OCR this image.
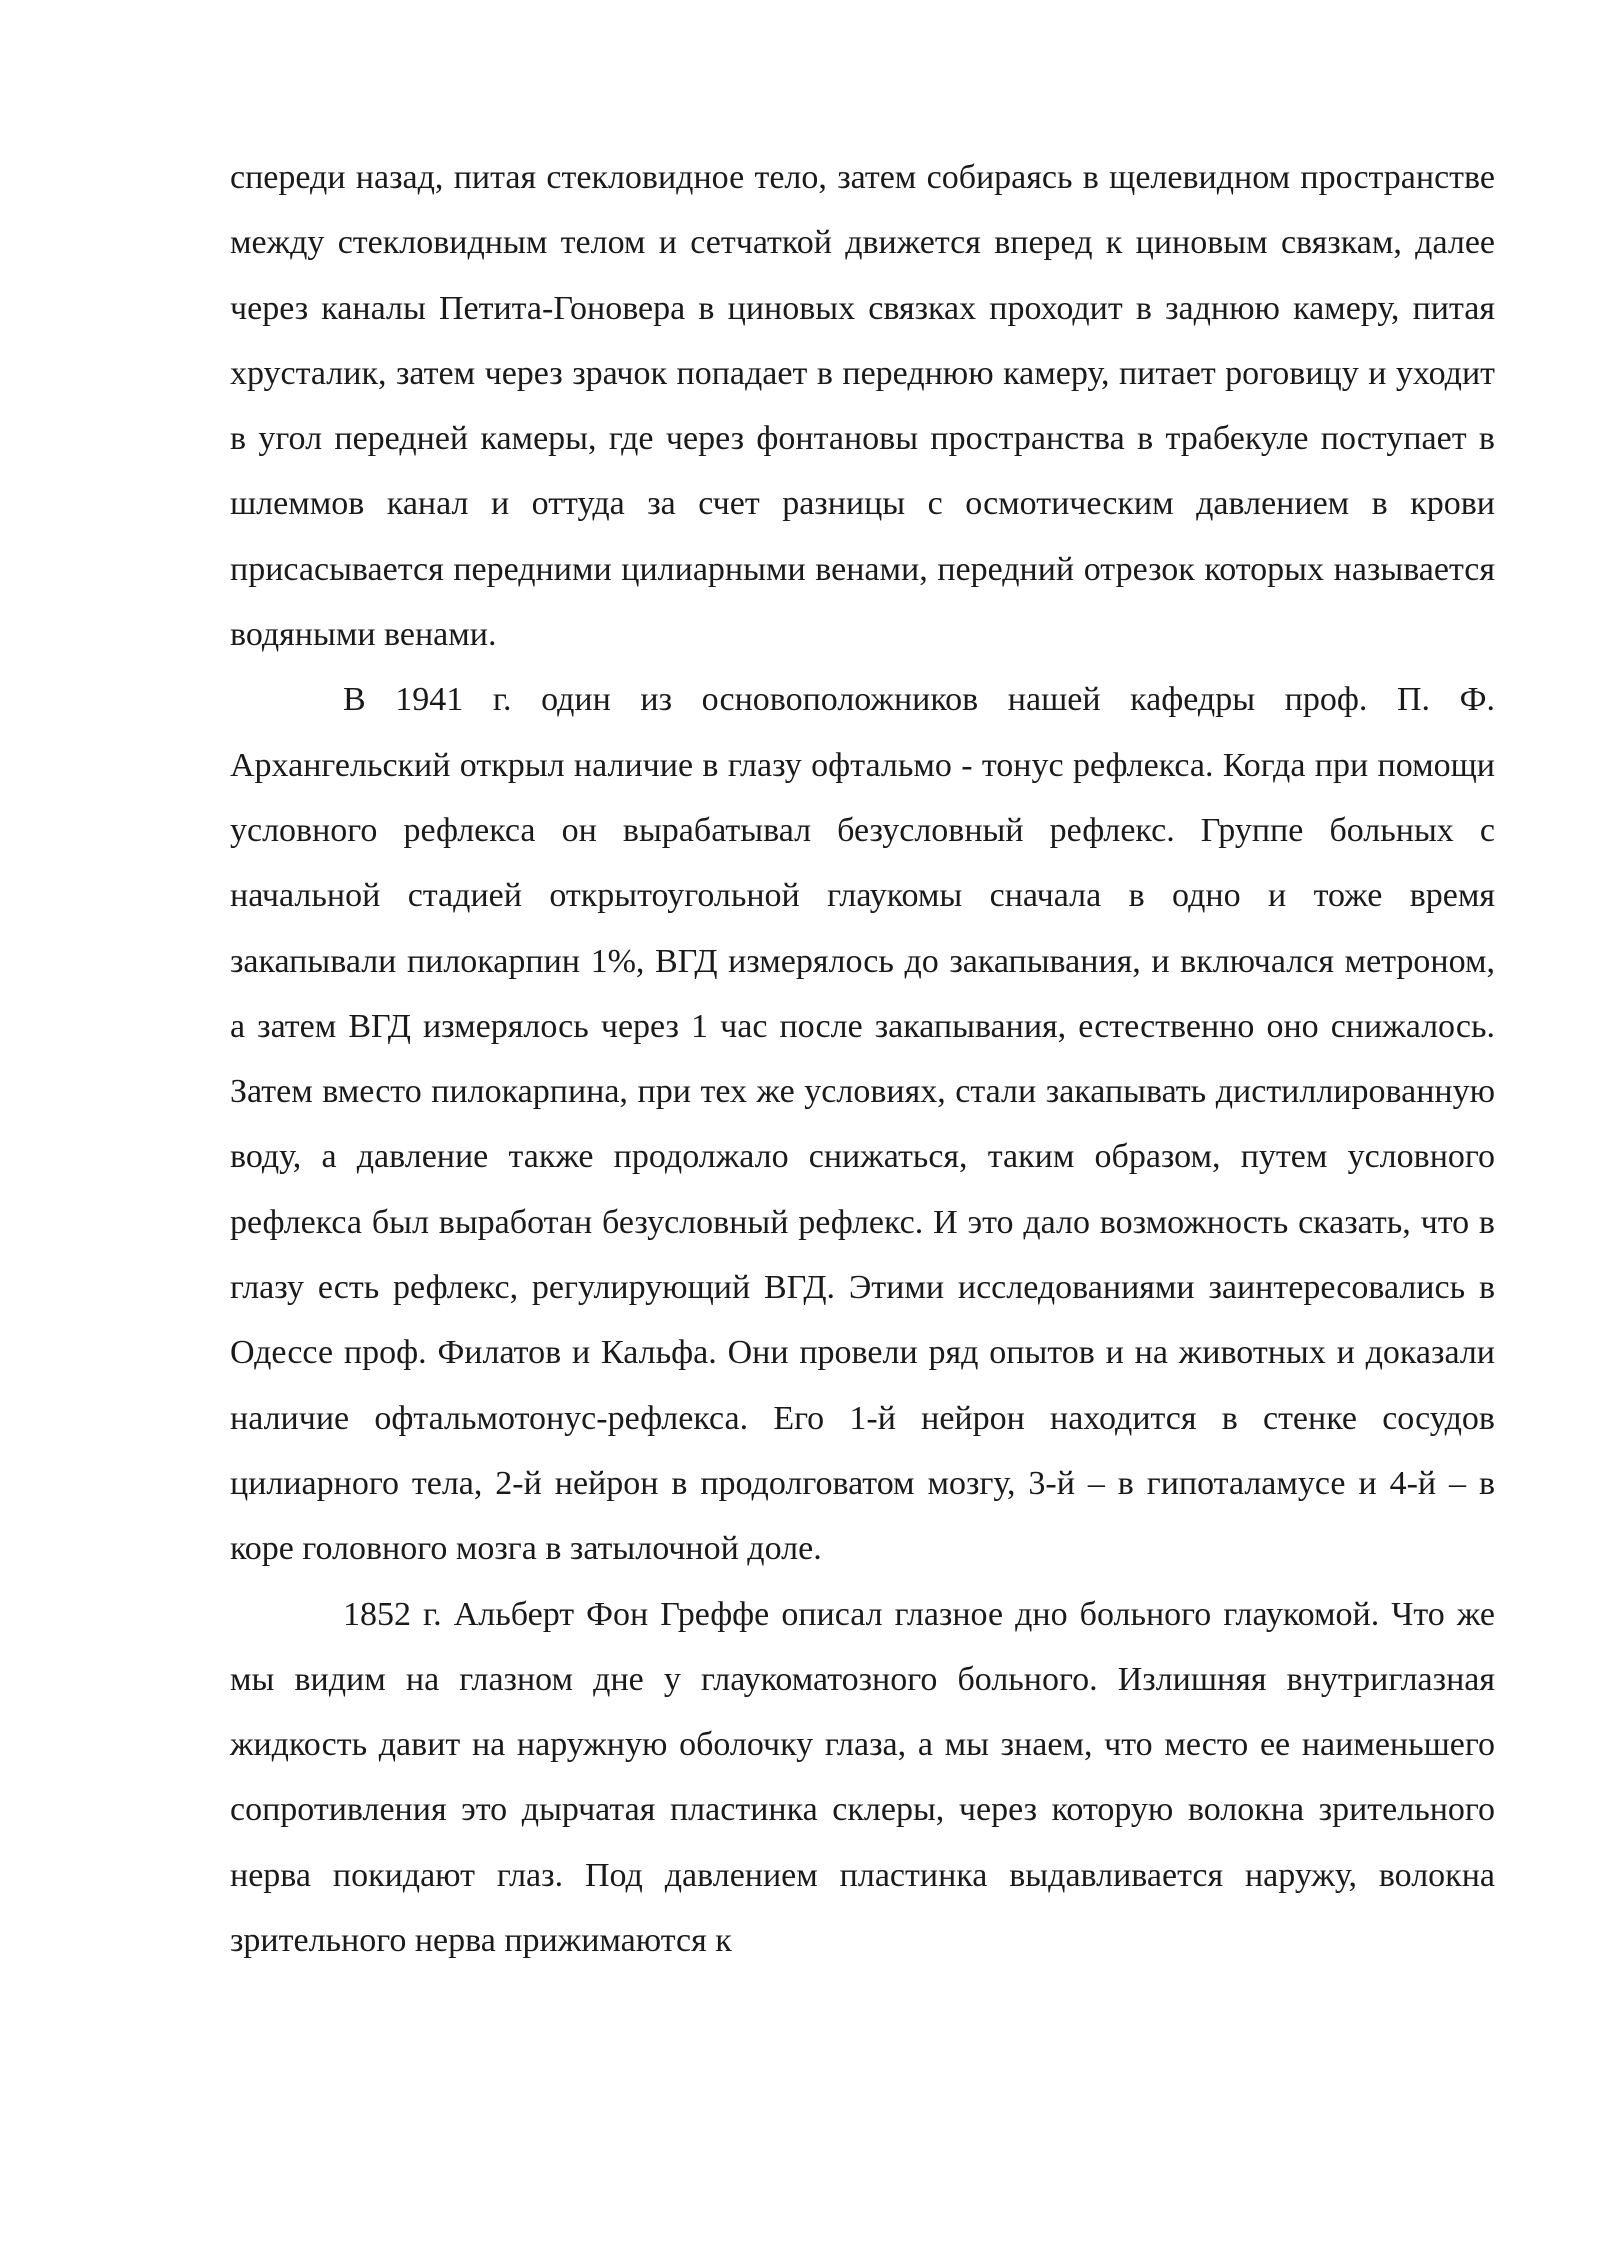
спереди назад, питая стекловидное тело, затем собираясь в щелевидном пространстве между стекловидным телом и сетчаткой движется вперед к циновым связкам, далее через каналы Петита-Гоновера в циновых связках проходит в заднюю камеру, питая хрусталик, затем через зрачок попадает в переднюю камеру, питает роговицу и уходит в угол передней камеры, где через фонтановы пространства в трабекуле поступает в шлеммов канал и оттуда за счет разницы с осмотическим давлением в крови присасывается передними цилиарными венами, передний отрезок которых называется водяными венами.

В 1941 г. один из основоположников нашей кафедры проф. П. Ф. Архангельский открыл наличие в глазу офтальмо - тонус рефлекса. Когда при помощи условного рефлекса он вырабатывал безусловный рефлекс. Группе больных с начальной стадией открытоугольной глаукомы сначала в одно и тоже время закапывали пилокарпин 1%, ВГД измерялось до закапывания, и включался метроном, а затем ВГД измерялось через 1 час после закапывания, естественно оно снижалось. Затем вместо пилокарпина, при тех же условиях, стали закапывать дистиллированную воду, а давление также продолжало снижаться, таким образом, путем условного рефлекса был выработан безусловный рефлекс. И это дало возможность сказать, что в глазу есть рефлекс, регулирующий ВГД. Этими исследованиями заинтересовались в Одессе проф. Филатов и Кальфа. Они провели ряд опытов и на животных и доказали наличие офтальмотонус-рефлекса. Его 1-й нейрон находится в стенке сосудов цилиарного тела, 2-й нейрон в продолговатом мозгу, 3-й – в гипоталамусе и 4-й – в коре головного мозга в затылочной доле.

1852 г. Альберт Фон Греффе описал глазное дно больного глаукомой. Что же мы видим на глазном дне у глаукоматозного больного. Излишняя внутриглазная жидкость давит на наружную оболочку глаза, а мы знаем, что место ее наименьшего сопротивления это дырчатая пластинка склеры, через которую волокна зрительного нерва покидают глаз. Под давлением пластинка выдавливается наружу, волокна зрительного нерва прижимаются к
